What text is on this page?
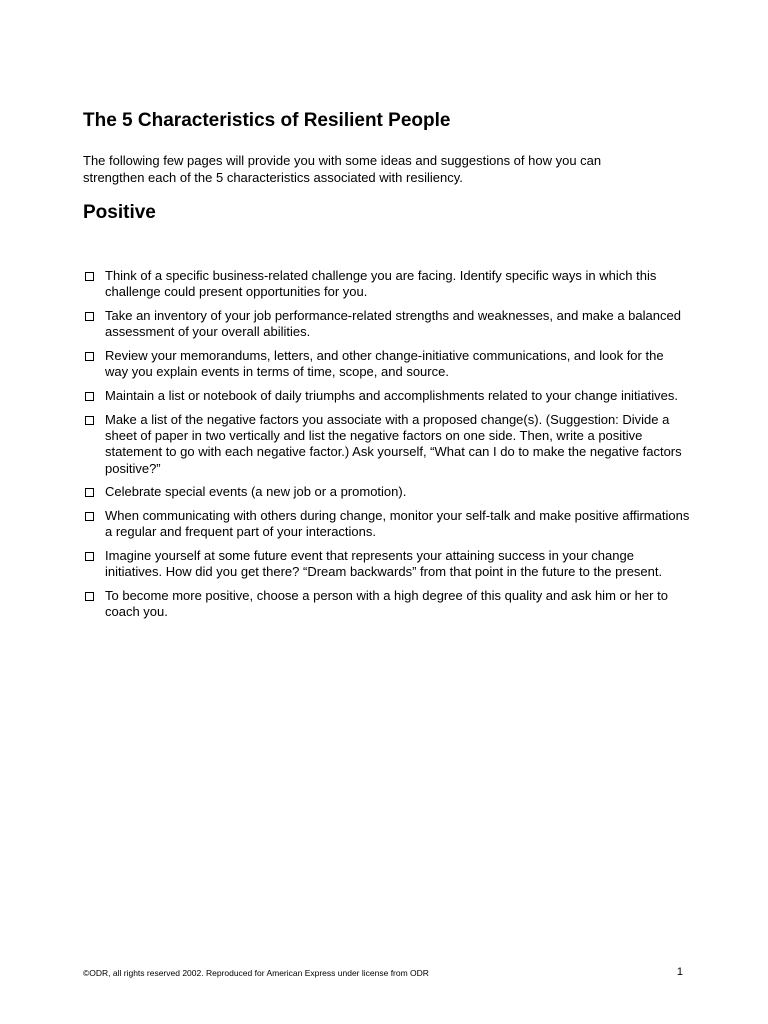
The 5 Characteristics of Resilient People

The following few pages will provide you with some ideas and suggestions of how you can strengthen each of the 5 characteristics associated with resiliency.

Positive
Think of a specific business-related challenge you are facing. Identify specific ways in which this challenge could present opportunities for you.
Take an inventory of your job performance-related strengths and weaknesses, and make a balanced assessment of your overall abilities.
Review your memorandums, letters, and other change-initiative communications, and look for the way you explain events in terms of time, scope, and source.
Maintain a list or notebook of daily triumphs and accomplishments related to your change initiatives.
Make a list of the negative factors you associate with a proposed change(s). (Suggestion: Divide a sheet of paper in two vertically and list the negative factors on one side. Then, write a positive statement to go with each negative factor.) Ask yourself, “What can I do to make the negative factors positive?”
Celebrate special events (a new job or a promotion).
When communicating with others during change, monitor your self-talk and make positive affirmations a regular and frequent part of your interactions.
Imagine yourself at some future event that represents your attaining success in your change initiatives. How did you get there? “Dream backwards” from that point in the future to the present.
To become more positive, choose a person with a high degree of this quality and ask him or her to coach you.
©ODR, all rights reserved 2002. Reproduced for American Express under license from ODR	1
